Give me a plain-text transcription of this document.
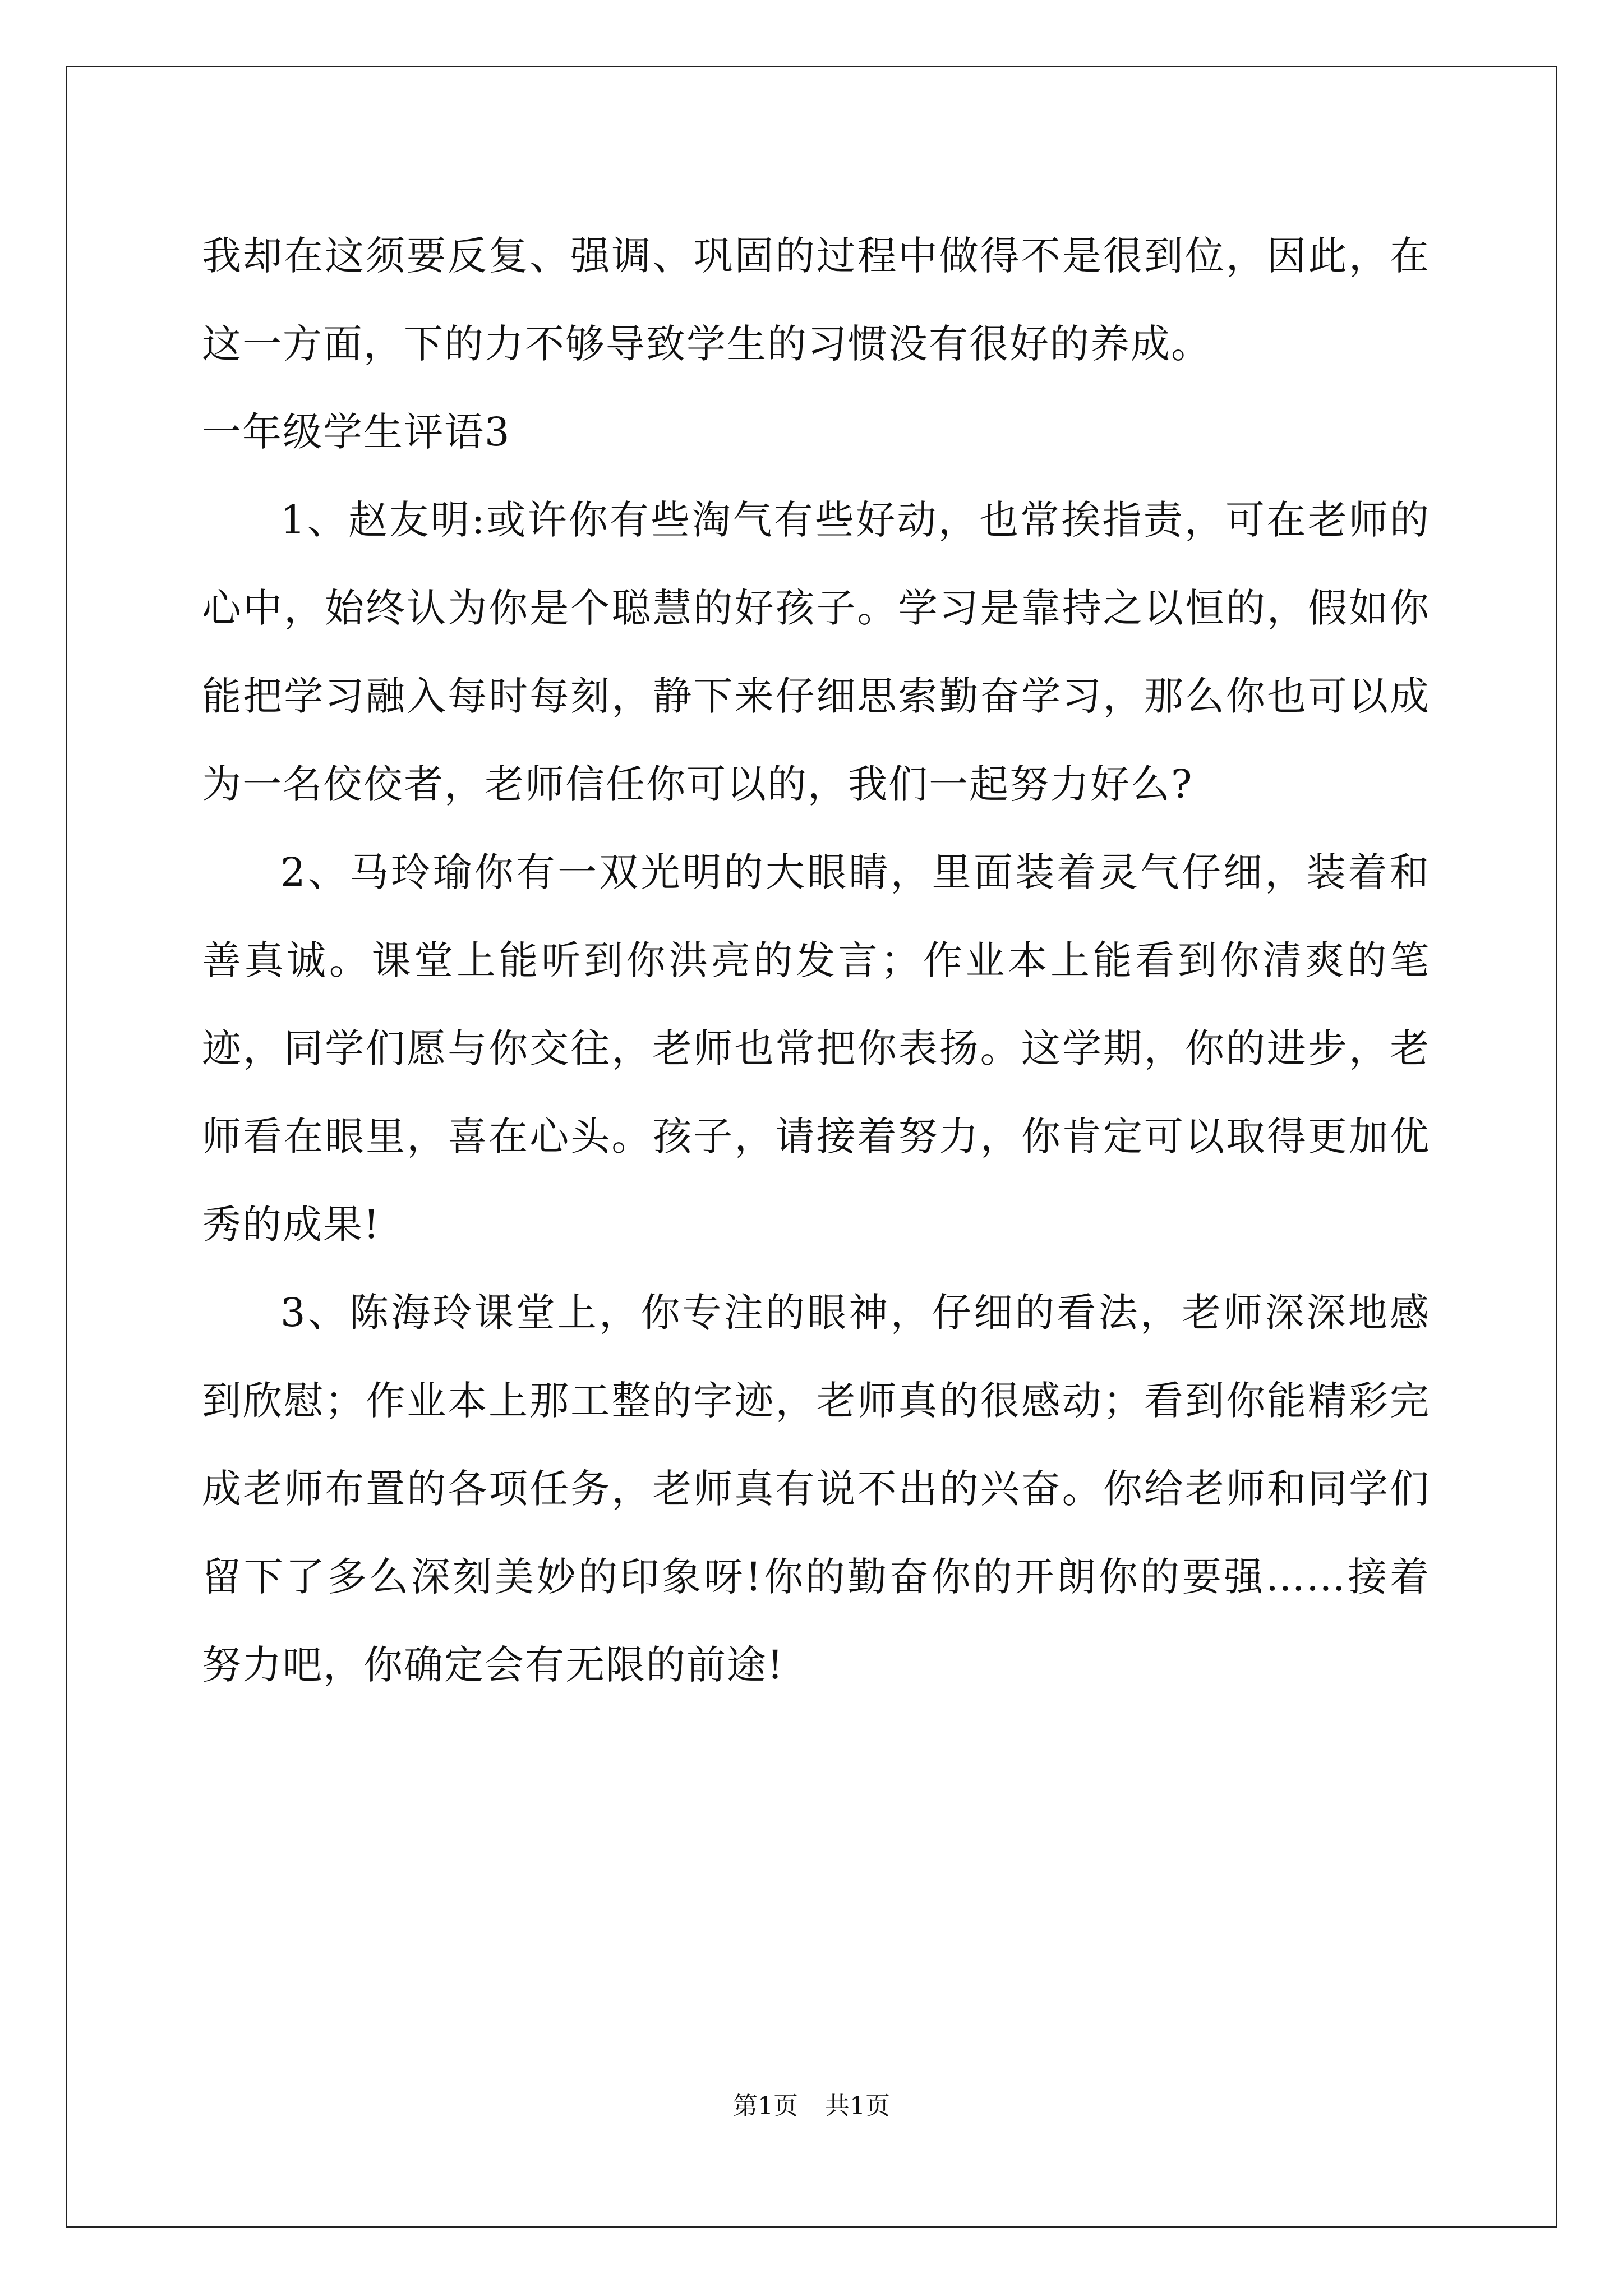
我却在这须要反复、强调、巩固的过程中做得不是很到位，因此，在这一方面，下的力不够导致学生的习惯没有很好的养成。

一年级学生评语3

1、赵友明:或许你有些淘气有些好动，也常挨指责，可在老师的心中，始终认为你是个聪慧的好孩子。学习是靠持之以恒的，假如你能把学习融入每时每刻，静下来仔细思索勤奋学习，那么你也可以成为一名佼佼者，老师信任你可以的，我们一起努力好么?

2、马玲瑜你有一双光明的大眼睛，里面装着灵气仔细，装着和善真诚。课堂上能听到你洪亮的发言；作业本上能看到你清爽的笔迹，同学们愿与你交往，老师也常把你表扬。这学期，你的进步，老师看在眼里，喜在心头。孩子，请接着努力，你肯定可以取得更加优秀的成果!

3、陈海玲课堂上，你专注的眼神，仔细的看法，老师深深地感到欣慰；作业本上那工整的字迹，老师真的很感动；看到你能精彩完成老师布置的各项任务，老师真有说不出的兴奋。你给老师和同学们留下了多么深刻美妙的印象呀!你的勤奋你的开朗你的要强……接着努力吧，你确定会有无限的前途!

第1页 共1页
